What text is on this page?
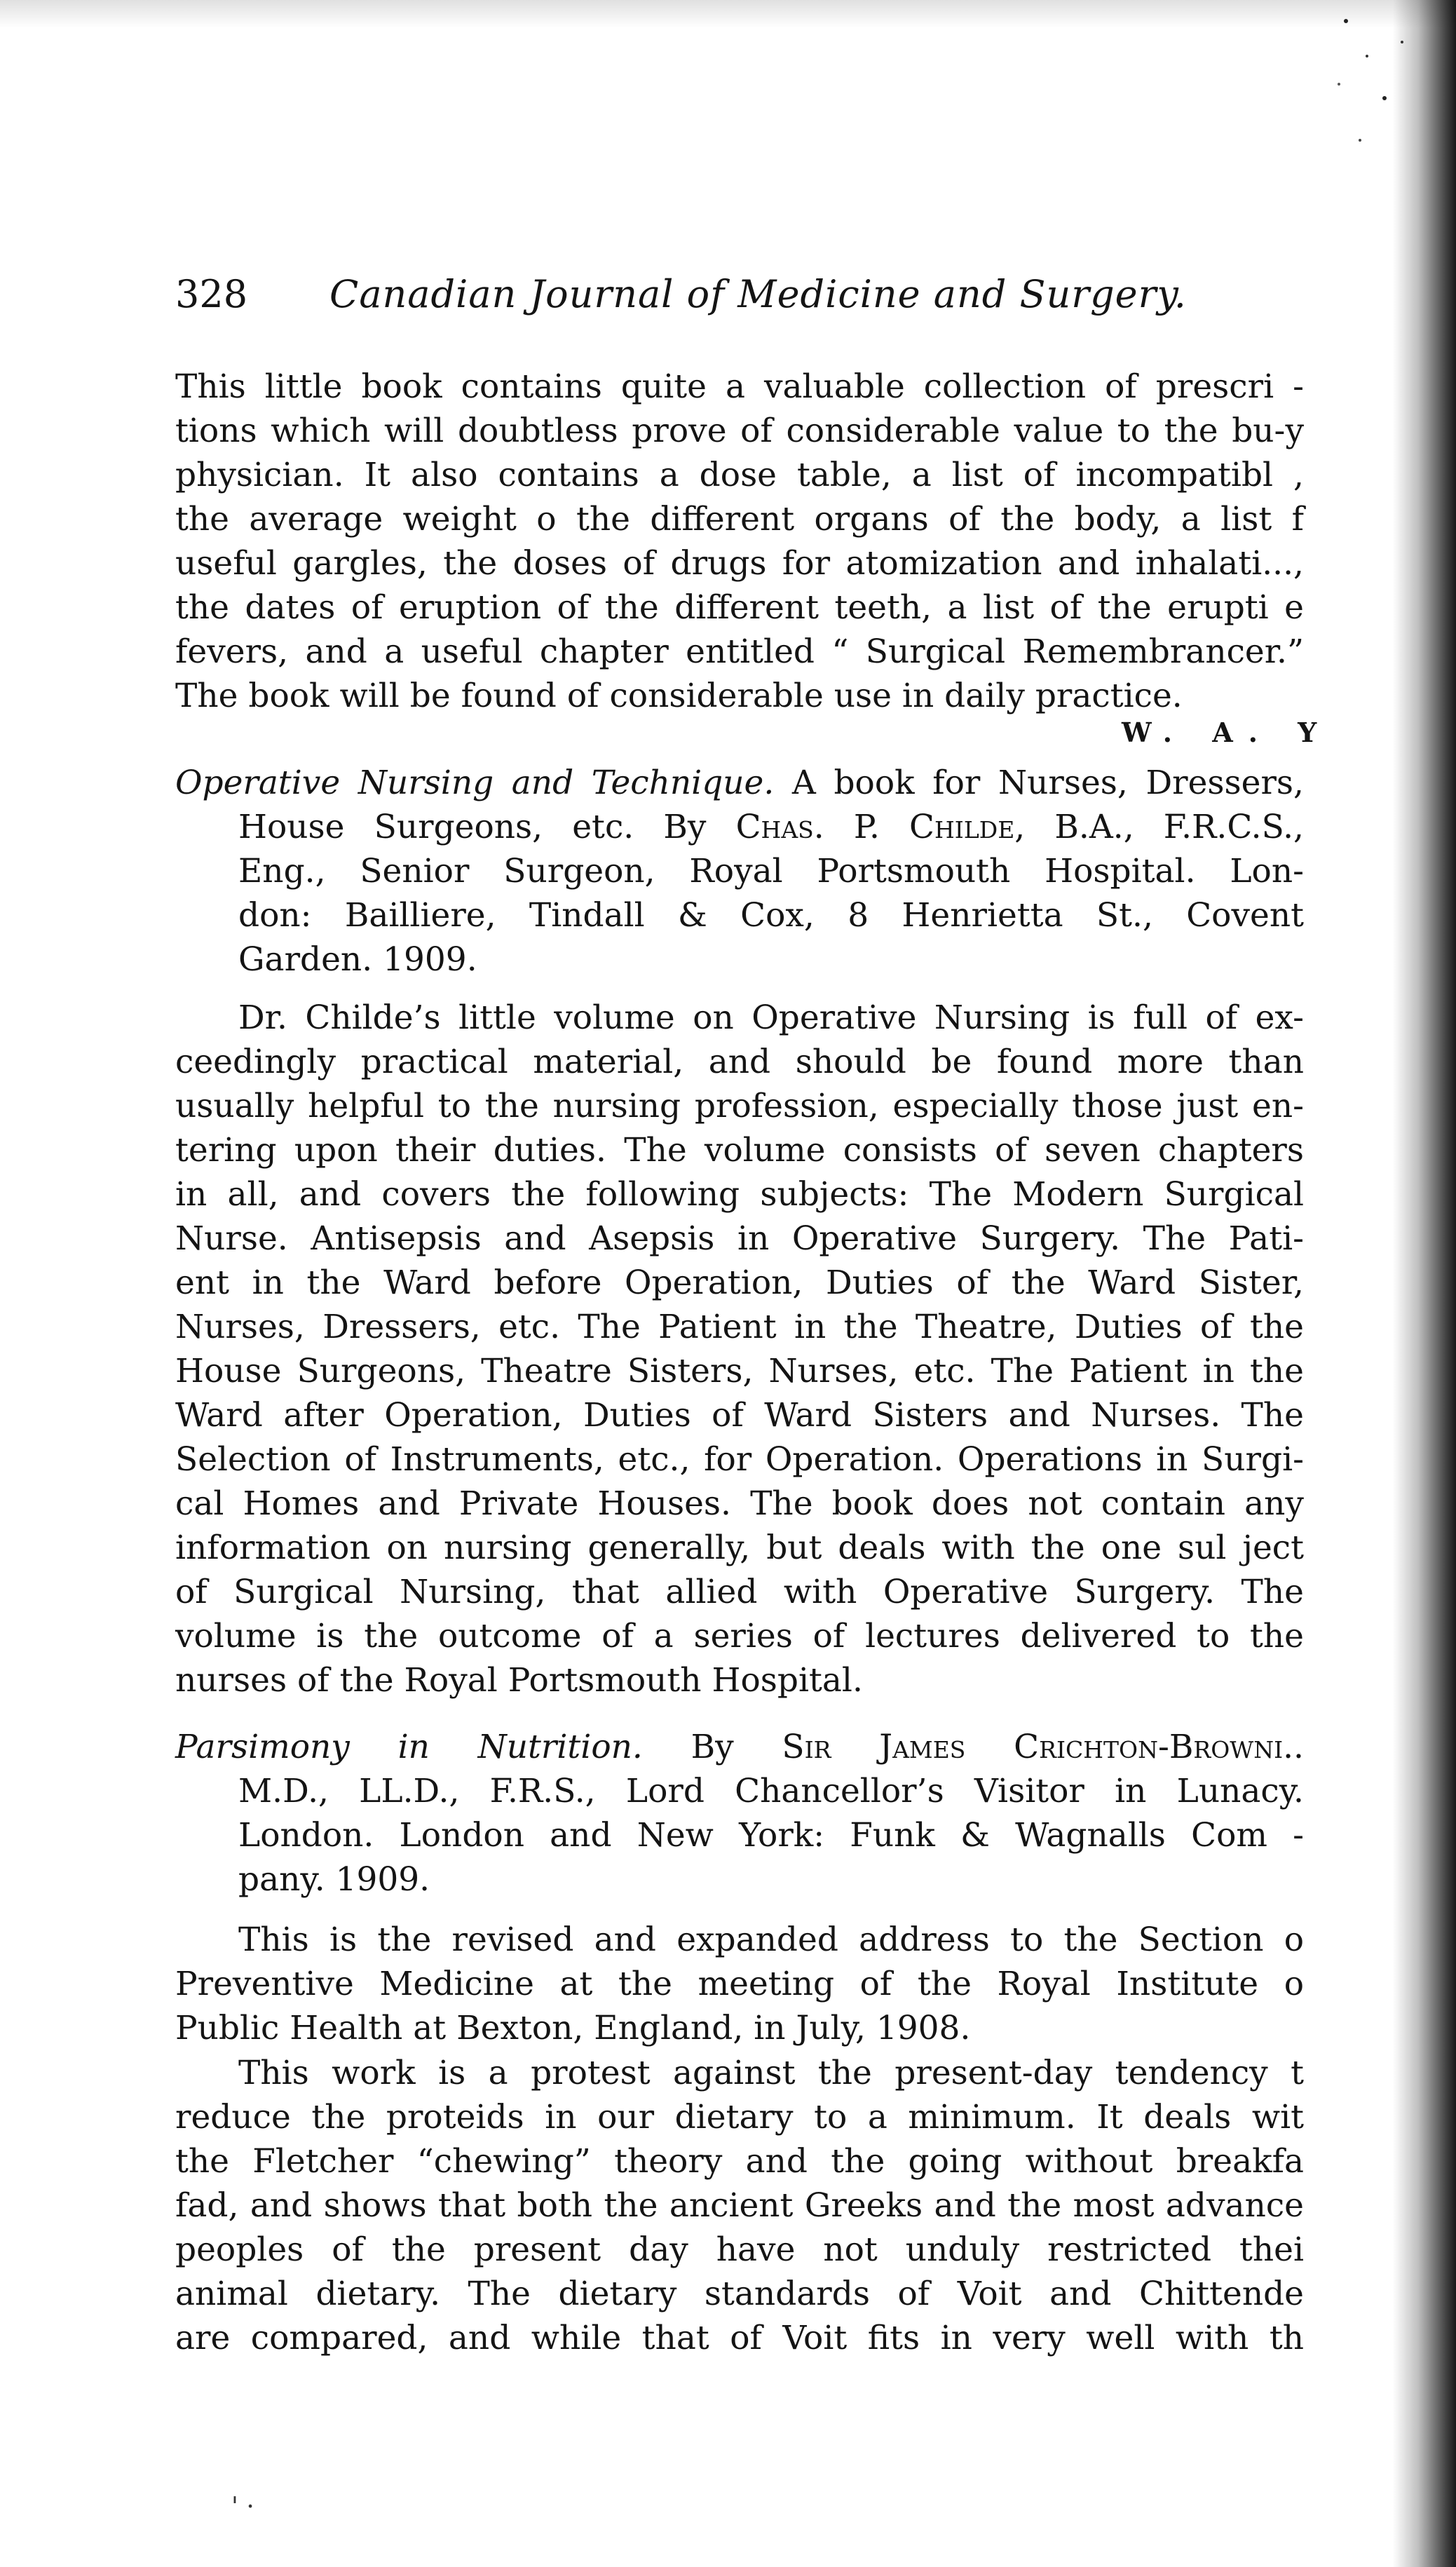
328 Canadian Journal of Medicine and Surgery.
This little book contains quite a valuable collection of prescri -
tions which will doubtless prove of considerable value to the bu-y
physician. It also contains a dose table, a list of incompatibl ,
the average weight o the different organs of the body, a list f
useful gargles, the doses of drugs for atomization and inhalati...,
the dates of eruption of the different teeth, a list of the erupti e
fevers, and a useful chapter entitled “ Surgical Remembrancer.”
The book will be found of considerable use in daily practice.
W. A. Y
Operative Nursing and Technique. A book for Nurses, Dressers,
House Surgeons, etc. By Chas. P. Childe, B.A., F.R.C.S.,
Eng., Senior Surgeon, Royal Portsmouth Hospital. Lon-
don: Bailliere, Tindall & Cox, 8 Henrietta St., Covent
Garden. 1909.
Dr. Childe’s little volume on Operative Nursing is full of ex-
ceedingly practical material, and should be found more than
usually helpful to the nursing profession, especially those just en-
tering upon their duties. The volume consists of seven chapters
in all, and covers the following subjects: The Modern Surgical
Nurse. Antisepsis and Asepsis in Operative Surgery. The Pati-
ent in the Ward before Operation, Duties of the Ward Sister,
Nurses, Dressers, etc. The Patient in the Theatre, Duties of the
House Surgeons, Theatre Sisters, Nurses, etc. The Patient in the
Ward after Operation, Duties of Ward Sisters and Nurses. The
Selection of Instruments, etc., for Operation. Operations in Surgi-
cal Homes and Private Houses. The book does not contain any
information on nursing generally, but deals with the one sul ject
of Surgical Nursing, that allied with Operative Surgery. The
volume is the outcome of a series of lectures delivered to the
nurses of the Royal Portsmouth Hospital.
Parsimony in Nutrition. By Sir James Crichton-Browni..
M.D., LL.D., F.R.S., Lord Chancellor’s Visitor in Lunacy.
London. London and New York: Funk & Wagnalls Com -
pany. 1909.
This is the revised and expanded address to the Section o
Preventive Medicine at the meeting of the Royal Institute o
Public Health at Bexton, England, in July, 1908.
This work is a protest against the present-day tendency t
reduce the proteids in our dietary to a minimum. It deals wit
the Fletcher “chewing” theory and the going without breakfa
fad, and shows that both the ancient Greeks and the most advance
peoples of the present day have not unduly restricted thei
animal dietary. The dietary standards of Voit and Chittende
are compared, and while that of Voit fits in very well with th
' ·
